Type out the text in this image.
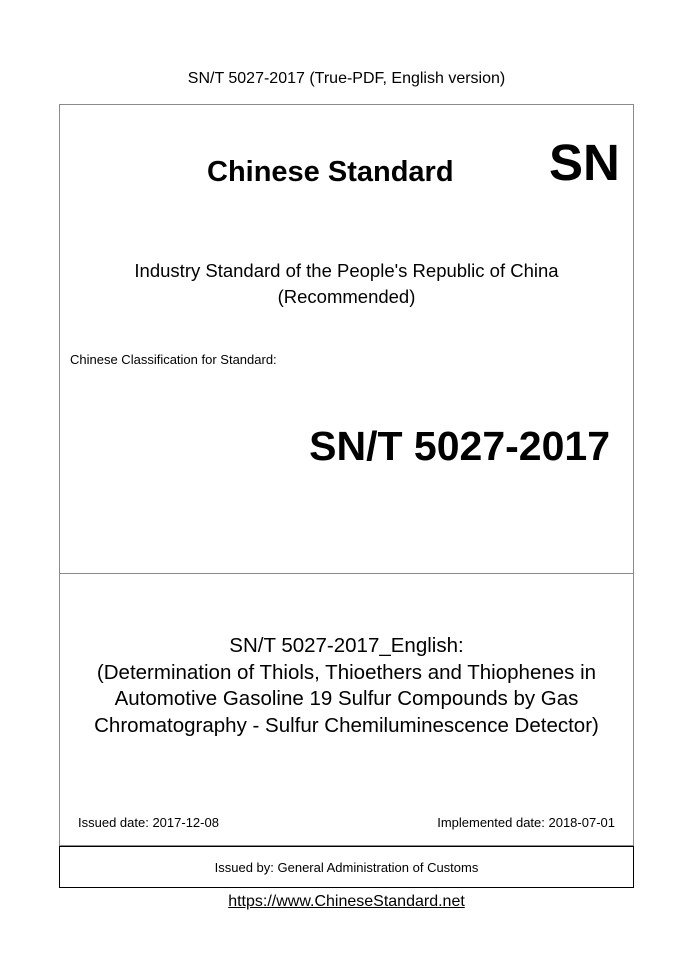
SN/T 5027-2017 (True-PDF, English version)
Chinese Standard SN
Industry Standard of the People's Republic of China
(Recommended)
Chinese Classification for Standard:
SN/T 5027-2017
SN/T 5027-2017_English:
(Determination of Thiols, Thioethers and Thiophenes in
Automotive Gasoline 19 Sulfur Compounds by Gas
Chromatography - Sulfur Chemiluminescence Detector)
Issued date: 2017-12-08	Implemented date: 2018-07-01
Issued by: General Administration of Customs
https://www.ChineseStandard.net
